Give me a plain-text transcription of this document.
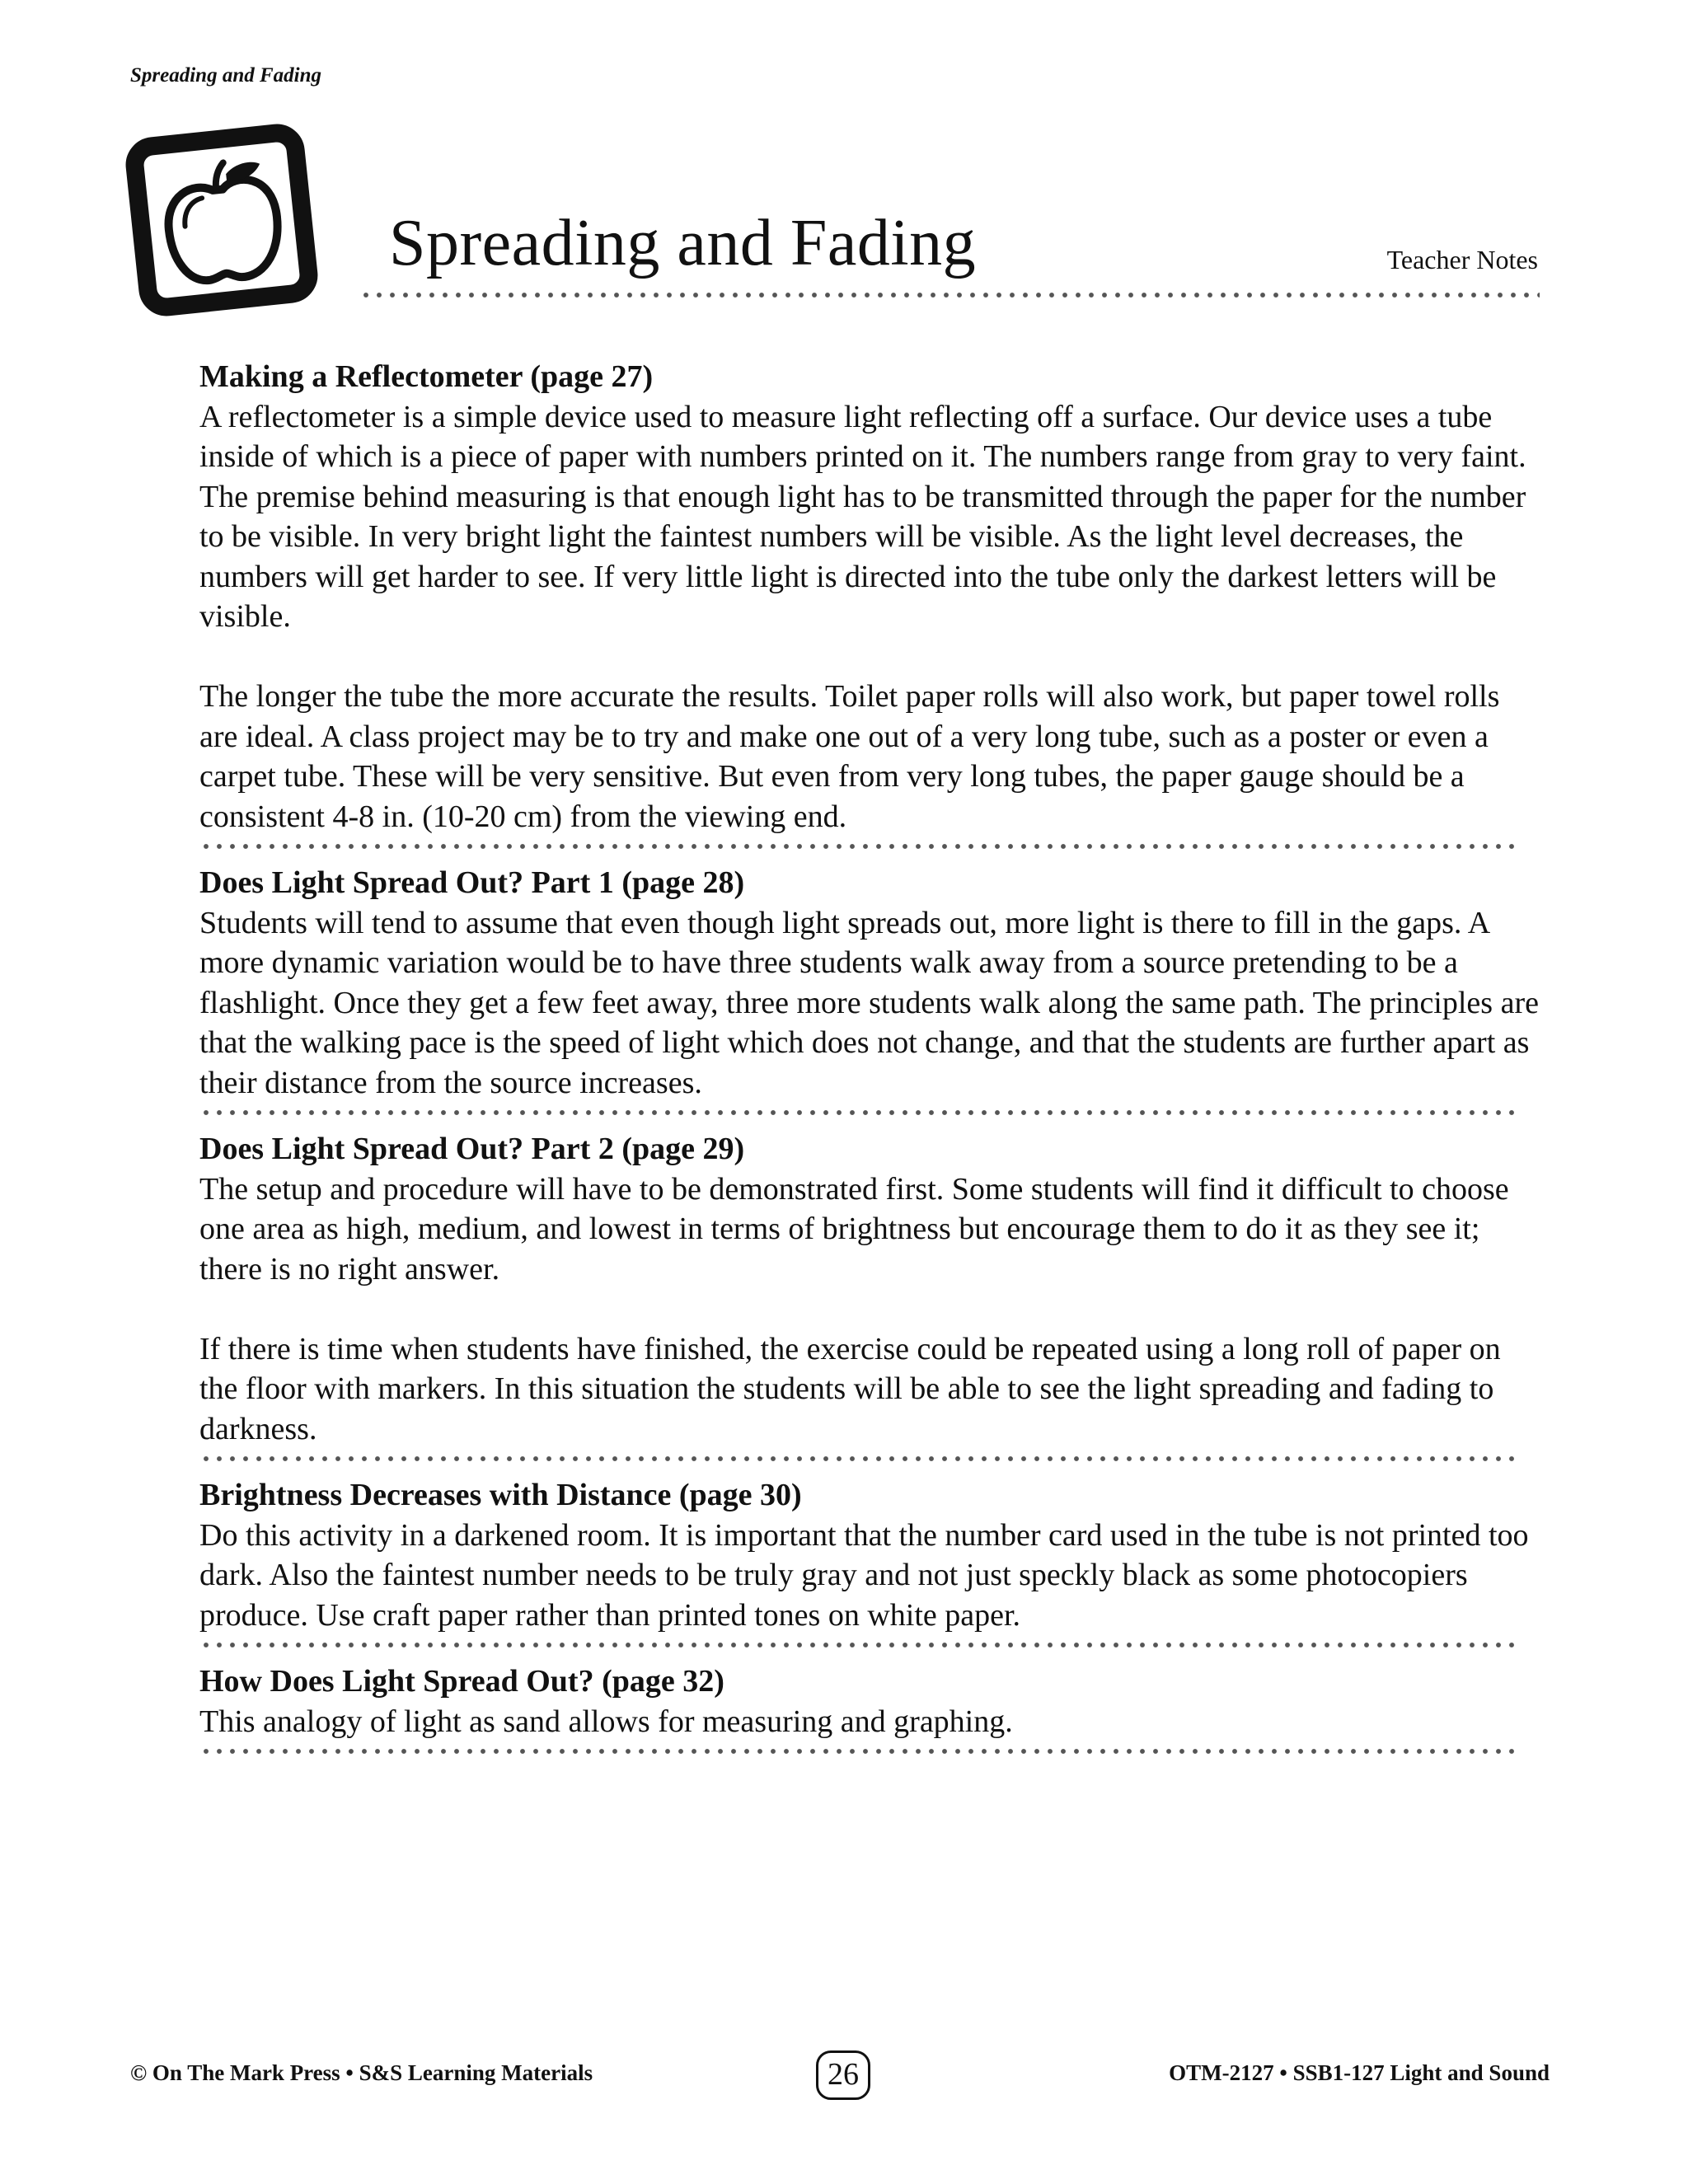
Spreading and Fading
Spreading and Fading	Teacher Notes
Making a Reflectometer (page 27)

A reflectometer is a simple device used to measure light reflecting off a surface. Our device uses a tube inside of which is a piece of paper with numbers printed on it. The numbers range from gray to very faint. The premise behind measuring is that enough light has to be transmitted through the paper for the number to be visible. In very bright light the faintest numbers will be visible. As the light level decreases, the numbers will get harder to see. If very little light is directed into the tube only the darkest letters will be visible.

The longer the tube the more accurate the results. Toilet paper rolls will also work, but paper towel rolls are ideal. A class project may be to try and make one out of a very long tube, such as a poster or even a carpet tube. These will be very sensitive. But even from very long tubes, the paper gauge should be a consistent 4-8 in. (10-20 cm) from the viewing end.

Does Light Spread Out? Part 1 (page 28)

Students will tend to assume that even though light spreads out, more light is there to fill in the gaps. A more dynamic variation would be to have three students walk away from a source pretending to be a flashlight. Once they get a few feet away, three more students walk along the same path. The principles are that the walking pace is the speed of light which does not change, and that the students are further apart as their distance from the source increases.

Does Light Spread Out? Part 2 (page 29)

The setup and procedure will have to be demonstrated first. Some students will find it difficult to choose one area as high, medium, and lowest in terms of brightness but encourage them to do it as they see it; there is no right answer.

If there is time when students have finished, the exercise could be repeated using a long roll of paper on the floor with markers. In this situation the students will be able to see the light spreading and fading to darkness.

Brightness Decreases with Distance (page 30)

Do this activity in a darkened room. It is important that the number card used in the tube is not printed too dark. Also the faintest number needs to be truly gray and not just speckly black as some photocopiers produce. Use craft paper rather than printed tones on white paper.

How Does Light Spread Out? (page 32)

This analogy of light as sand allows for measuring and graphing.

© On The Mark Press • S&S Learning Materials	26	OTM-2127 • SSB1-127 Light and Sound
